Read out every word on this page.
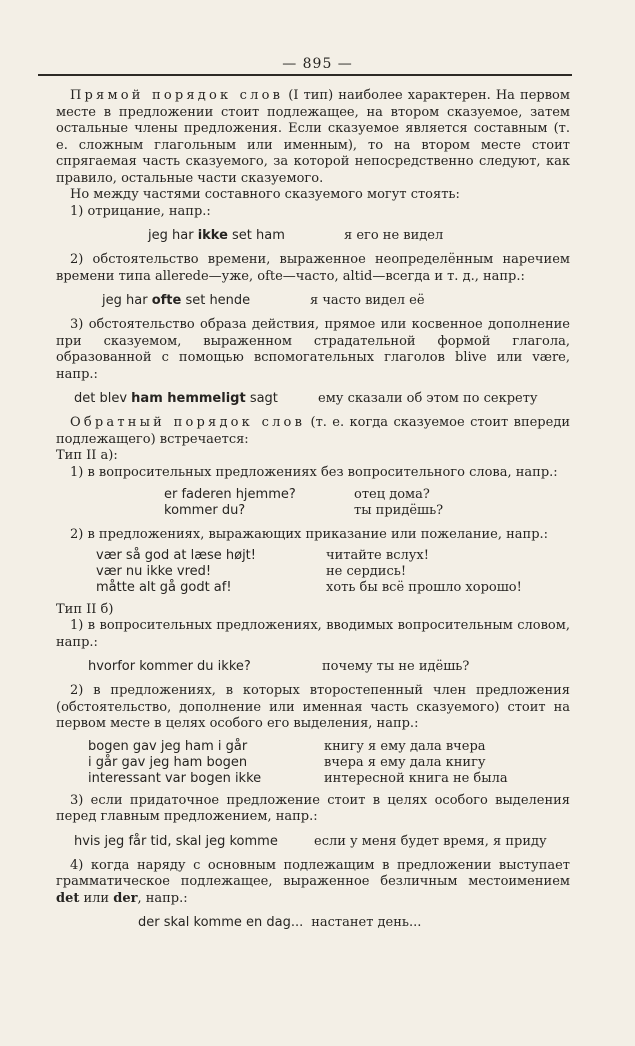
— 895 —

Прямой порядок слов (I тип) наиболее характерен. На первом месте в предложении стоит подлежащее, на втором сказуемое, затем остальные члены предложения. Если сказуемое является составным (т. е. сложным глагольным или именным), то на втором месте стоит спрягаемая часть сказуемого, за которой непосредственно следуют, как правило, остальные части сказуемого.

Но между частями составного сказуемого могут стоять:

1) отрицание, напр.:

jeg har ikke set ham	я его не видел

2) обстоятельство времени, выраженное неопределённым наречием времени типа allerede—уже, ofte—часто, altid—всегда и т. д., напр.:

jeg har ofte set hende	я часто видел её

3) обстоятельство образа действия, прямое или косвенное дополнение при сказуемом, выраженном страдательной формой глагола, образованной с помощью вспомогательных глаголов blive или være, напр.:

det blev ham hemmeligt sagt	ему сказали об этом по секрету

Обратный порядок слов (т. е. когда сказуемое стоит впереди подлежащего) встречается:

Тип II а):

1) в вопросительных предложениях без вопросительного слова, напр.:

er faderen hjemme?	отец дома?
kommer du?	ты придёшь?

2) в предложениях, выражающих приказание или пожелание, напр.:

vær så god at læse højt!	читайте вслух!
vær nu ikke vred!	не сердись!
måtte alt gå godt af!	хоть бы всё прошло хорошо!

Тип II б)

1) в вопросительных предложениях, вводимых вопросительным словом, напр.:

hvorfor kommer du ikke?	почему ты не идёшь?

2) в предложениях, в которых второстепенный член предложения (обстоятельство, дополнение или именная часть сказуемого) стоит на первом месте в целях особого его выделения, напр.:

bogen gav jeg ham i går	книгу я ему дала вчера
i går gav jeg ham bogen	вчера я ему дала книгу
interessant var bogen ikke	интересной книга не была

3) если придаточное предложение стоит в целях особого выделения перед главным предложением, напр.:

hvis jeg får tid, skal jeg komme	если у меня будет время, я приду

4) когда наряду с основным подлежащим в предложении выступает грамматическое подлежащее, выраженное безличным местоимением det или der, напр.:

der skal komme en dag... настанет день...
